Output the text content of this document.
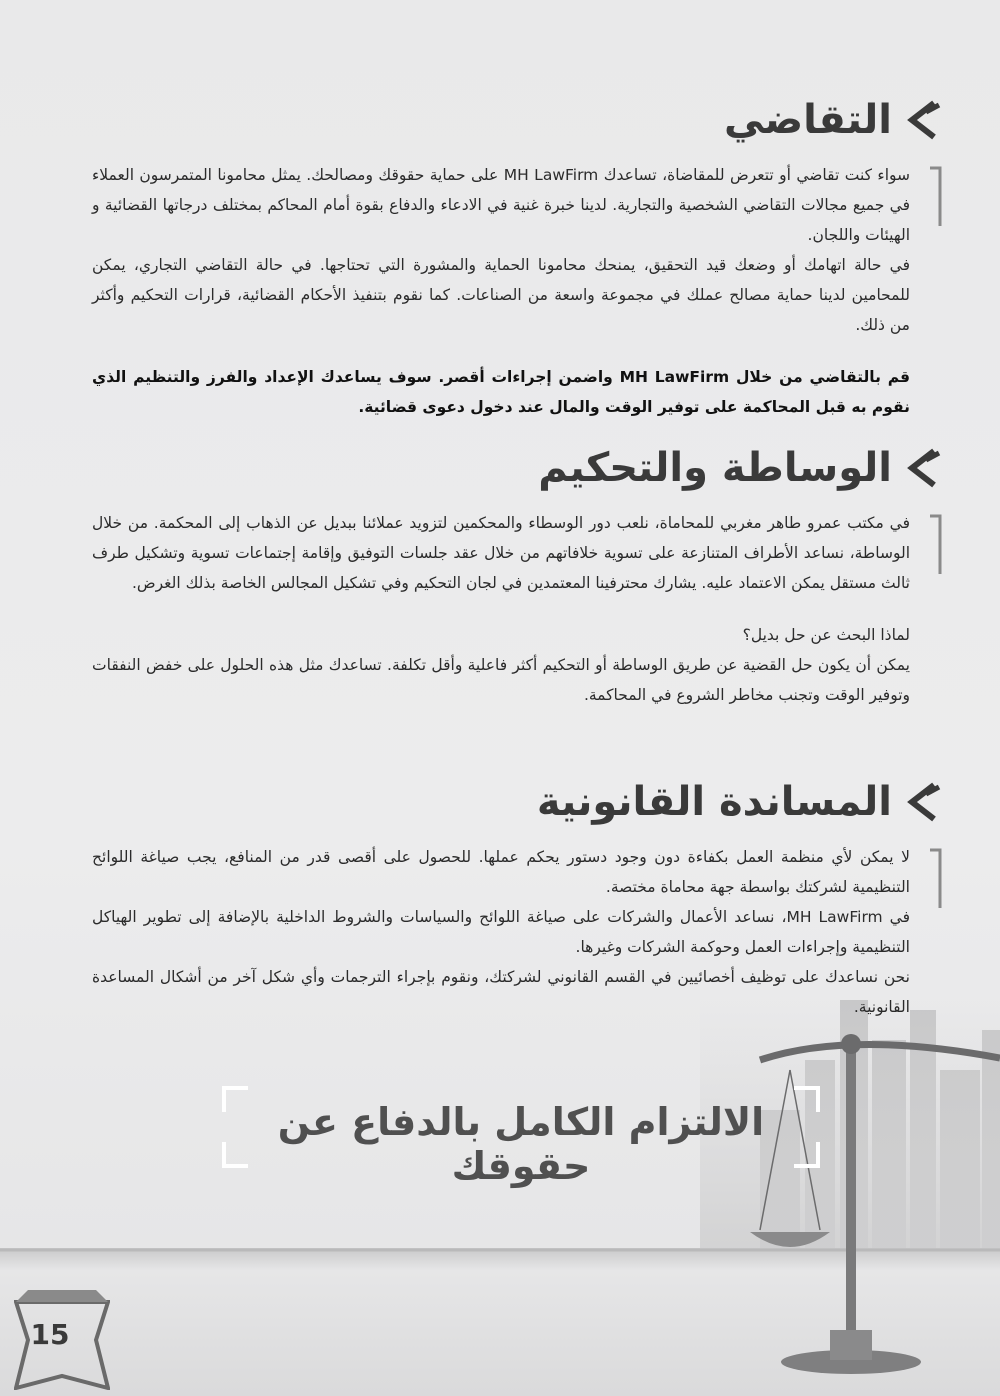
التقاضي

سواء كنت تقاضي أو تتعرض للمقاضاة، تساعدك MH LawFirm على حماية حقوقك ومصالحك. يمثل محامونا المتمرسون العملاء في جميع مجالات التقاضي الشخصية والتجارية. لدينا خبرة غنية في الادعاء والدفاع بقوة أمام المحاكم بمختلف درجاتها القضائية و الهيئات واللجان.

في حالة اتهامك أو وضعك قيد التحقيق، يمنحك محامونا الحماية والمشورة التي تحتاجها. في حالة التقاضي التجاري، يمكن للمحامين لدينا حماية مصالح عملك في مجموعة واسعة من الصناعات. كما نقوم بتنفيذ الأحكام القضائية، قرارات التحكيم وأكثر من ذلك.

قم بالتقاضي من خلال MH LawFirm واضمن إجراءات أقصر. سوف يساعدك الإعداد والفرز والتنظيم الذي نقوم به قبل المحاكمة على توفير الوقت والمال عند دخول دعوى قضائية.

الوساطة والتحكيم

في مكتب عمرو طاهر مغربي للمحاماة، نلعب دور الوسطاء والمحكمين لتزويد عملائنا ببديل عن الذهاب إلى المحكمة. من خلال الوساطة، نساعد الأطراف المتنازعة على تسوية خلافاتهم من خلال عقد جلسات التوفيق وإقامة إجتماعات تسوية وتشكيل طرف ثالث مستقل يمكن الاعتماد عليه. يشارك محترفينا المعتمدين في لجان التحكيم وفي تشكيل المجالس الخاصة بذلك الغرض.

لماذا البحث عن حل بديل؟

يمكن أن يكون حل القضية عن طريق الوساطة أو التحكيم أكثر فاعلية وأقل تكلفة. تساعدك مثل هذه الحلول على خفض النفقات وتوفير الوقت وتجنب مخاطر الشروع في المحاكمة.

المساندة القانونية

لا يمكن لأي منظمة العمل بكفاءة دون وجود دستور يحكم عملها. للحصول على أقصى قدر من المنافع، يجب صياغة اللوائح التنظيمية لشركتك بواسطة جهة محاماة مختصة.

في MH LawFirm، نساعد الأعمال والشركات على صياغة اللوائح والسياسات والشروط الداخلية بالإضافة إلى تطوير الهياكل التنظيمية وإجراءات العمل وحوكمة الشركات وغيرها.

نحن نساعدك على توظيف أخصائيين في القسم القانوني لشركتك، ونقوم بإجراء الترجمات وأي شكل آخر من أشكال المساعدة القانونية.

الالتزام الكامل بالدفاع عن حقوقك
15
